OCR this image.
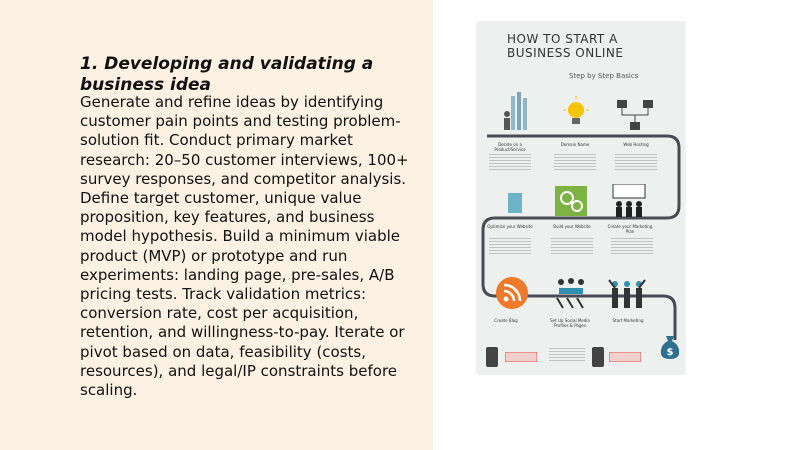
1. Developing and validating a business idea

Generate and refine ideas by identifying customer pain points and testing problem-solution fit. Conduct primary market research: 20–50 customer interviews, 100+ survey responses, and competitor analysis. Define target customer, unique value proposition, key features, and business model hypothesis. Build a minimum viable product (MVP) or prototype and run experiments: landing page, pre-sales, A/B pricing tests. Track validation metrics: conversion rate, cost per acquisition, retention, and willingness-to-pay. Iterate or pivot based on data, feasibility (costs, resources), and legal/IP constraints before scaling.

HOW TO START A BUSINESS ONLINE
Step by Step Basics
Decide on a Product/Service
Domain Name	Web Hosting
Optimize your Website	Build your Website	Create your Marketing Plan
Create Blog	Set Up Social Media Profiles & Pages
Start Marketing
$
